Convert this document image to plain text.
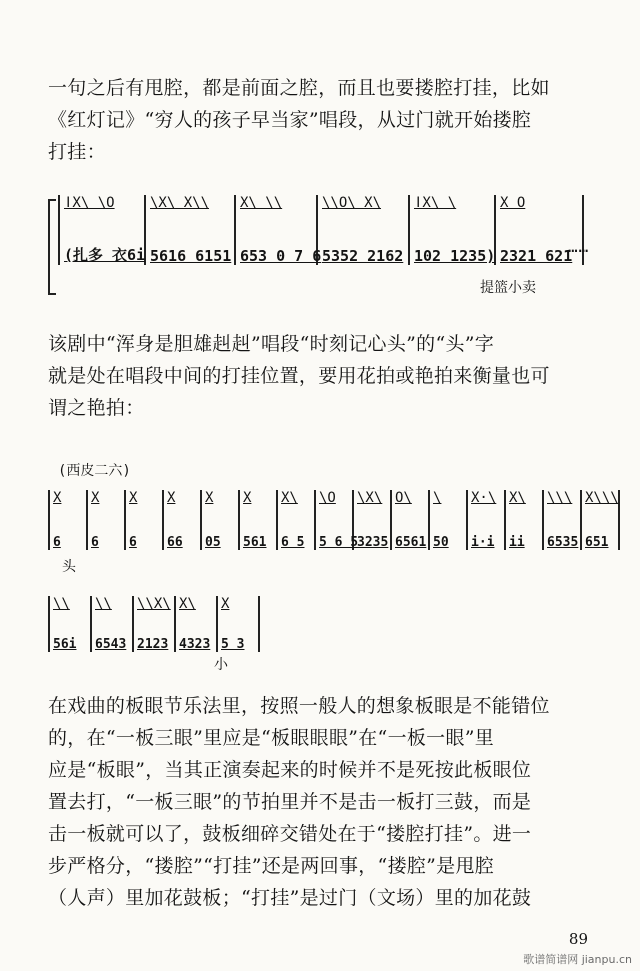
一句之后有甩腔，都是前面之腔，而且也要搂腔打挂，比如

《红灯记》“穷人的孩子早当家”唱段，从过门就开始搂腔

打挂：

ǀX\ \O
(扎多 衣6i
\X\ X\\
5616 6151
X\ \\
653 0 7 6
\\O\ X\
5352 2162
ǀX\ \
102 1235)
X O
2321 621
……
提篮小卖

该剧中“浑身是胆雄赳赳”唱段“时刻记心头”的“头”字

就是处在唱段中间的打挂位置，要用花拍或艳拍来衡量也可

谓之艳拍：

(西皮二六)
X
6
X
6
X
6
X
66
X
05
X
561
X\
6 5
\O
5 6 5
\X\
3235
O\
6561
\
50
X·\
i·i
X\
ii
\\\
6535
X\\\
651
头
\\
56i
\\
6543
\\X\
2123
X\
4323
X
5 3
小

在戏曲的板眼节乐法里，按照一般人的想象板眼是不能错位

的，在“一板三眼”里应是“板眼眼眼”在“一板一眼”里

应是“板眼”，当其正演奏起来的时候并不是死按此板眼位

置去打，“一板三眼”的节拍里并不是击一板打三鼓，而是

击一板就可以了，鼓板细碎交错处在于“搂腔打挂”。进一

步严格分，“搂腔”“打挂”还是两回事，“搂腔”是甩腔

（人声）里加花鼓板；“打挂”是过门（文场）里的加花鼓

89
歌谱简谱网 jianpu.cn
